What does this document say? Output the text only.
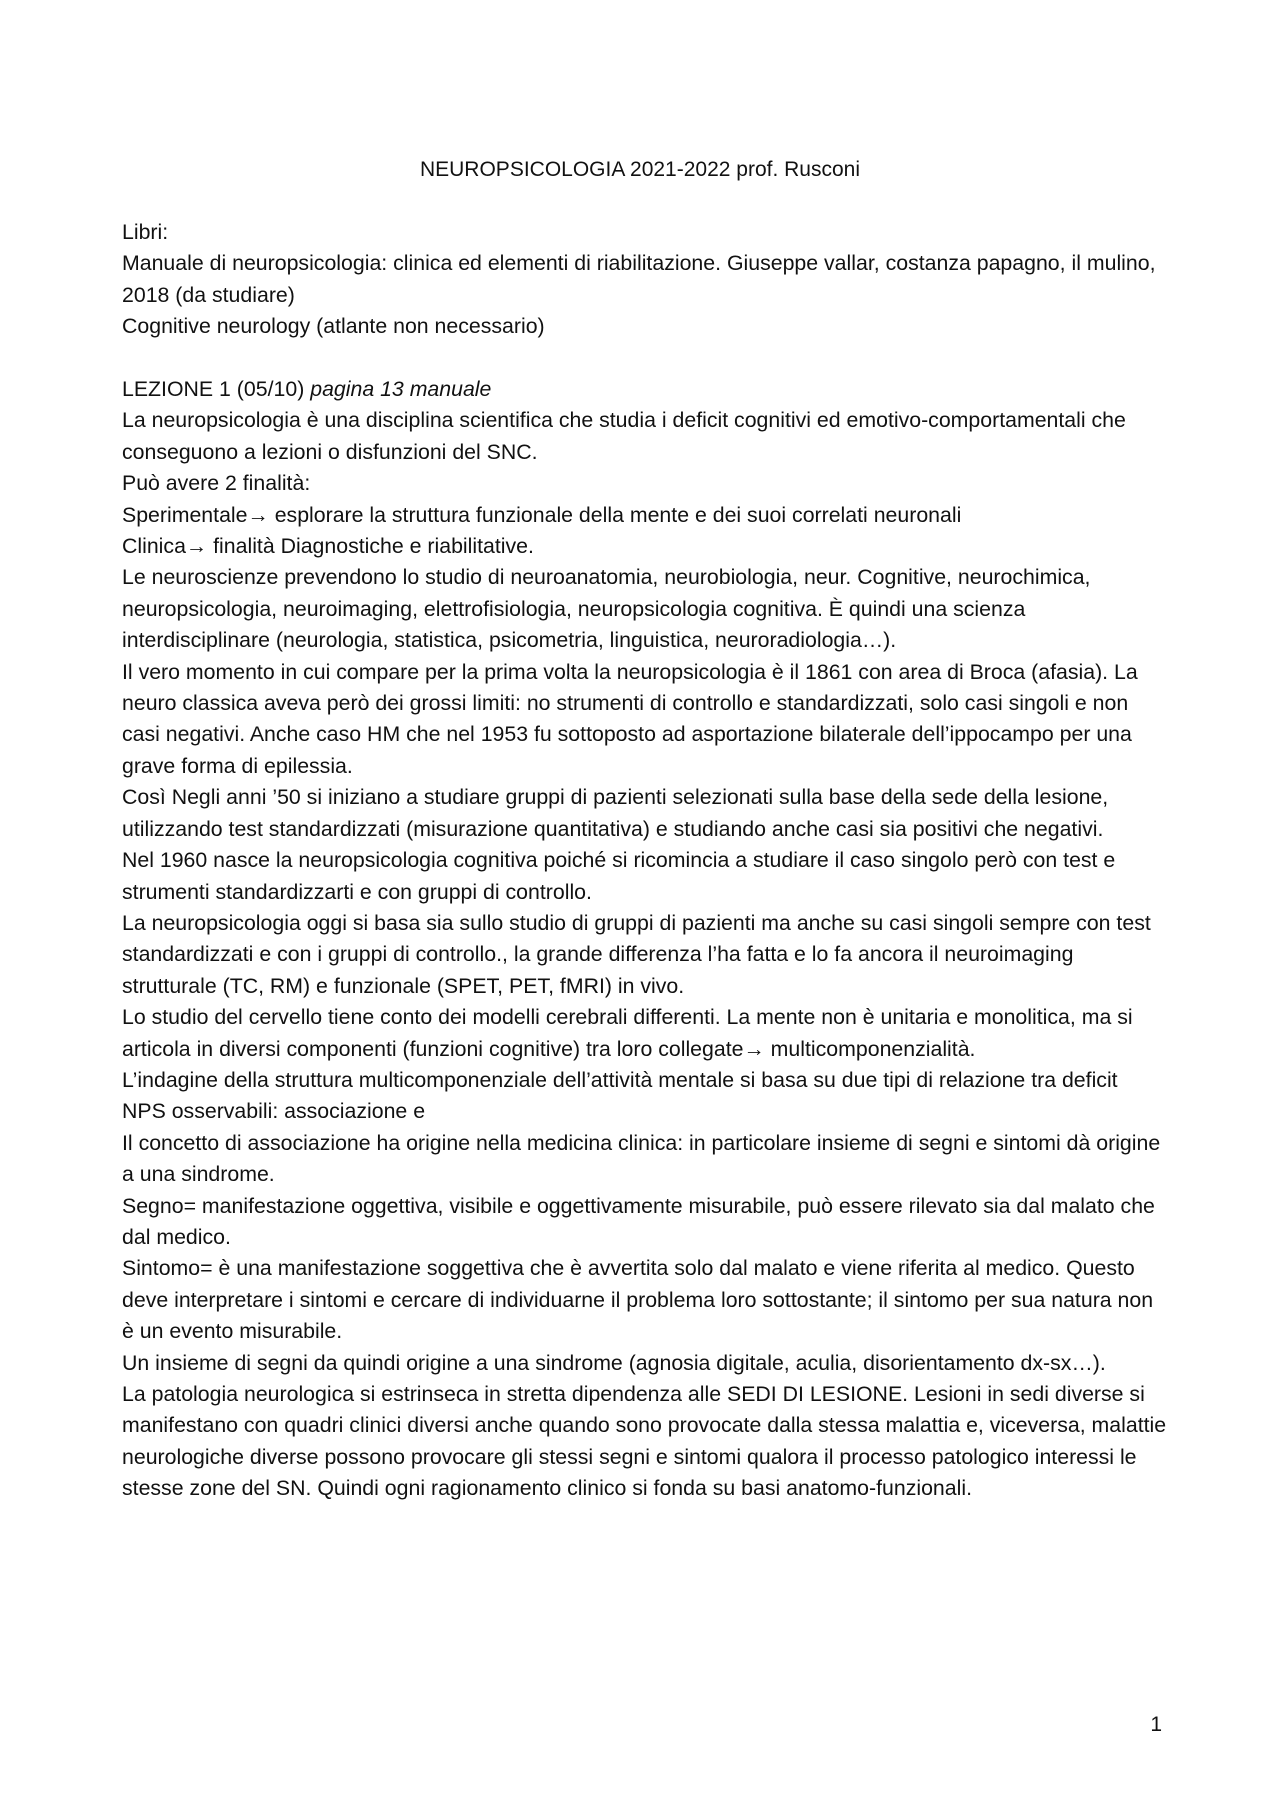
NEUROPSICOLOGIA 2021-2022 prof. Rusconi

Libri:

Manuale di neuropsicologia: clinica ed elementi di riabilitazione. Giuseppe vallar, costanza papagno, il mulino, 2018 (da studiare)

Cognitive neurology (atlante non necessario)

LEZIONE 1 (05/10) pagina 13 manuale

La neuropsicologia è una disciplina scientifica che studia i deficit cognitivi ed emotivo-comportamentali che conseguono a lezioni o disfunzioni del SNC.

Può avere 2 finalità:

Sperimentale→ esplorare la struttura funzionale della mente e dei suoi correlati neuronali

Clinica→ finalità Diagnostiche e riabilitative.

Le neuroscienze prevendono lo studio di neuroanatomia, neurobiologia, neur. Cognitive, neurochimica, neuropsicologia, neuroimaging, elettrofisiologia, neuropsicologia cognitiva. È quindi una scienza interdisciplinare (neurologia, statistica, psicometria, linguistica, neuroradiologia…).

Il vero momento in cui compare per la prima volta la neuropsicologia è il 1861 con area di Broca (afasia). La neuro classica aveva però dei grossi limiti: no strumenti di controllo e standardizzati, solo casi singoli e non casi negativi. Anche caso HM che nel 1953 fu sottoposto ad asportazione bilaterale dell’ippocampo per una grave forma di epilessia.

Così Negli anni ’50 si iniziano a studiare gruppi di pazienti selezionati sulla base della sede della lesione, utilizzando test standardizzati (misurazione quantitativa) e studiando anche casi sia positivi che negativi.

Nel 1960 nasce la neuropsicologia cognitiva poiché si ricomincia a studiare il caso singolo però con test e strumenti standardizzarti e con gruppi di controllo.

La neuropsicologia oggi si basa sia sullo studio di gruppi di pazienti ma anche su casi singoli sempre con test standardizzati e con i gruppi di controllo., la grande differenza l’ha fatta e lo fa ancora il neuroimaging strutturale (TC, RM) e funzionale (SPET, PET, fMRI) in vivo.

Lo studio del cervello tiene conto dei modelli cerebrali differenti. La mente non è unitaria e monolitica, ma si articola in diversi componenti (funzioni cognitive) tra loro collegate→ multicomponenzialità.

L’indagine della struttura multicomponenziale dell’attività mentale si basa su due tipi di relazione tra deficit NPS osservabili: associazione e

Il concetto di associazione ha origine nella medicina clinica: in particolare insieme di segni e sintomi dà origine a una sindrome.

Segno= manifestazione oggettiva, visibile e oggettivamente misurabile, può essere rilevato sia dal malato che dal medico.

Sintomo= è una manifestazione soggettiva che è avvertita solo dal malato e viene riferita al medico. Questo deve interpretare i sintomi e cercare di individuarne il problema loro sottostante; il sintomo per sua natura non è un evento misurabile.

Un insieme di segni da quindi origine a una sindrome (agnosia digitale, aculia, disorientamento dx-sx…).

La patologia neurologica si estrinseca in stretta dipendenza alle SEDI DI LESIONE. Lesioni in sedi diverse si manifestano con quadri clinici diversi anche quando sono provocate dalla stessa malattia e, viceversa, malattie neurologiche diverse possono provocare gli stessi segni e sintomi qualora il processo patologico interessi le stesse zone del SN. Quindi ogni ragionamento clinico si fonda su basi anatomo-funzionali.

1
